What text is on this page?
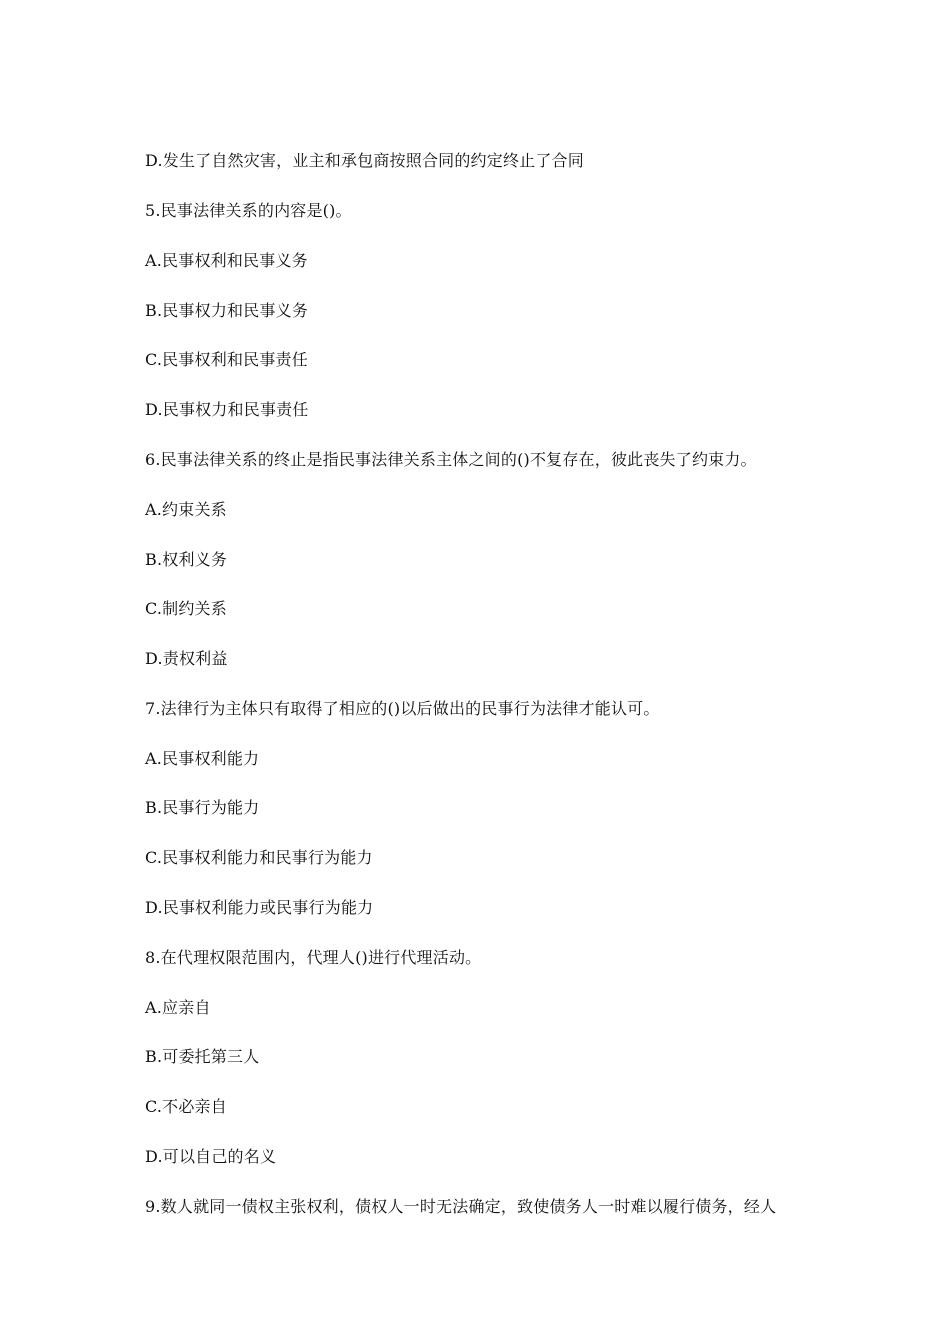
D.发生了自然灾害，业主和承包商按照合同的约定终止了合同

5.民事法律关系的内容是()。

A.民事权利和民事义务

B.民事权力和民事义务

C.民事权利和民事责任

D.民事权力和民事责任

6.民事法律关系的终止是指民事法律关系主体之间的()不复存在，彼此丧失了约束力。

A.约束关系

B.权利义务

C.制约关系

D.责权利益

7.法律行为主体只有取得了相应的()以后做出的民事行为法律才能认可。

A.民事权利能力

B.民事行为能力

C.民事权利能力和民事行为能力

D.民事权利能力或民事行为能力

8.在代理权限范围内，代理人()进行代理活动。

A.应亲自

B.可委托第三人

C.不必亲自

D.可以自己的名义

9.数人就同一债权主张权利，债权人一时无法确定，致使债务人一时难以履行债务，经人
